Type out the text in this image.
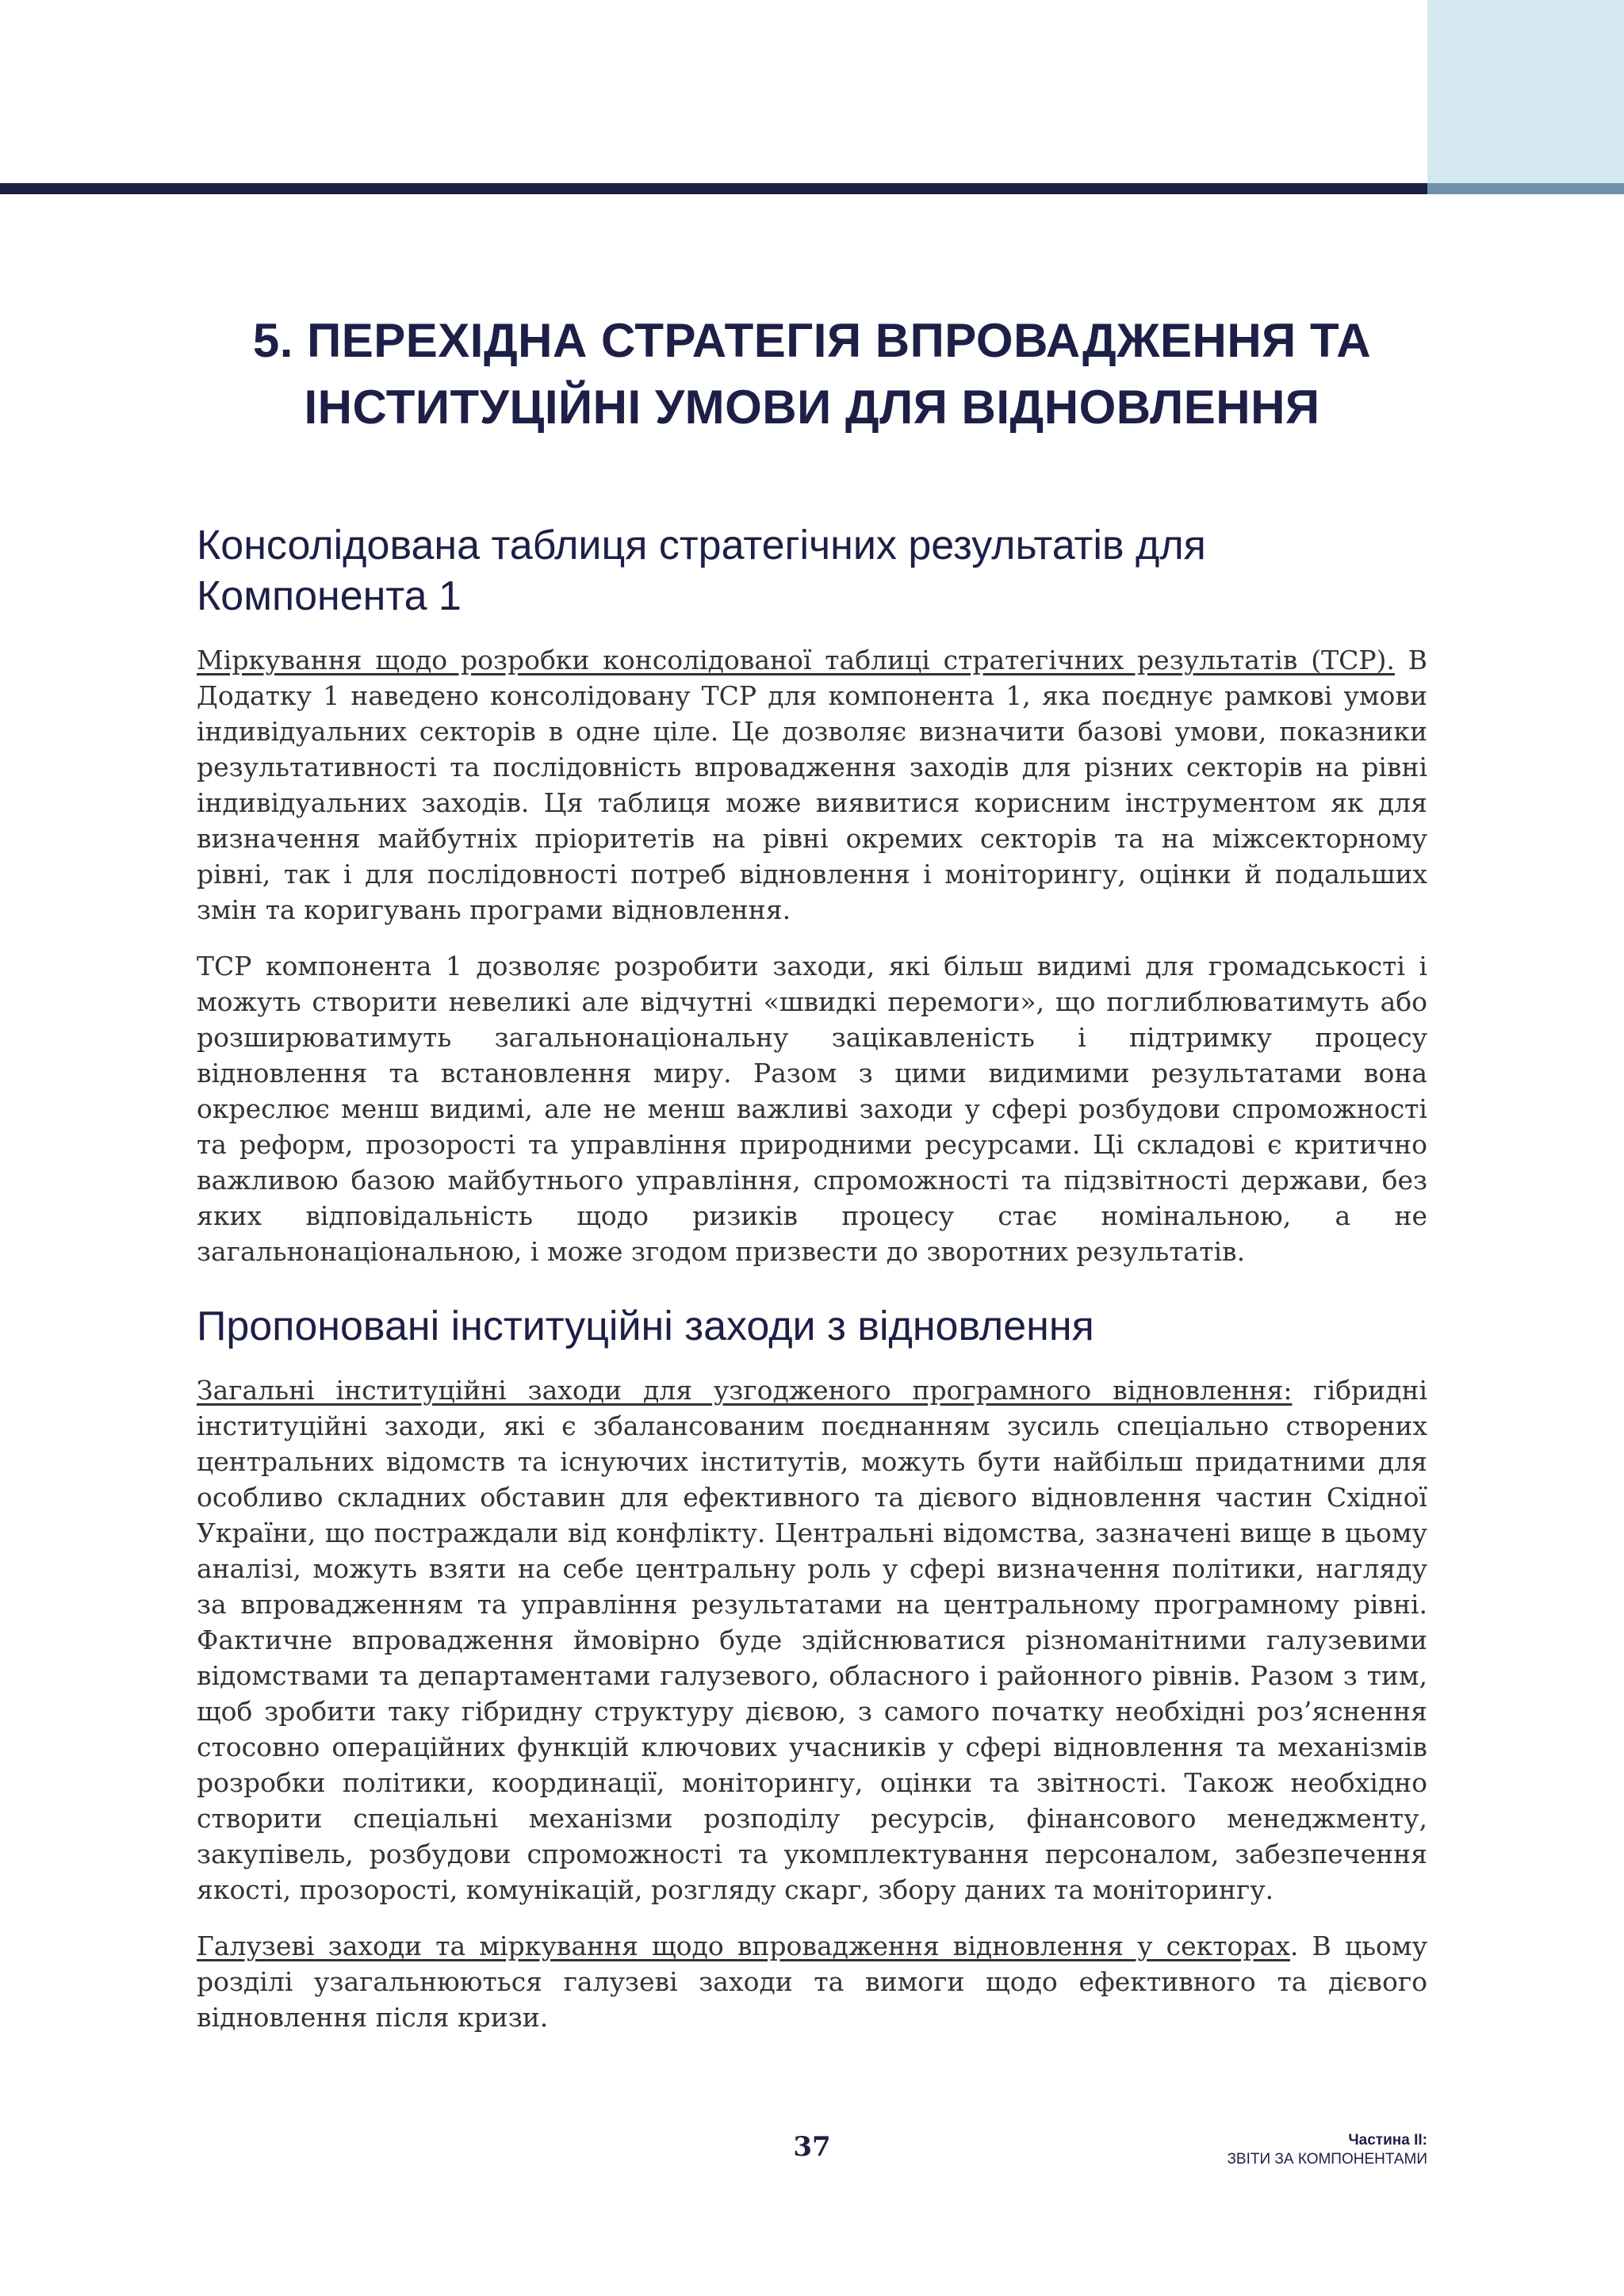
5. ПЕРЕХІДНА СТРАТЕГІЯ ВПРОВАДЖЕННЯ ТА ІНСТИТУЦІЙНІ УМОВИ ДЛЯ ВІДНОВЛЕННЯ
Консолідована таблиця стратегічних результатів для Компонента 1

Міркування щодо розробки консолідованої таблиці стратегічних результатів (ТСР). В Додатку 1 наведено консолідовану ТСР для компонента 1, яка поєднує рамкові умови індивідуальних секторів в одне ціле. Це дозволяє визначити базові умови, показники результативності та послідовність впровадження заходів для різних секторів на рівні індивідуальних заходів. Ця таблиця може виявитися корисним інструментом як для визначення майбутніх пріоритетів на рівні окремих секторів та на міжсекторному рівні, так і для послідовності потреб відновлення і моніторингу, оцінки й подальших змін та коригувань програми відновлення.

ТСР компонента 1 дозволяє розробити заходи, які більш видимі для громадськості і можуть створити невеликі але відчутні «швидкі перемоги», що поглиблюватимуть або розширюватимуть загальнонаціональну зацікавленість і підтримку процесу відновлення та встановлення миру. Разом з цими видимими результатами вона окреслює менш видимі, але не менш важливі заходи у сфері розбудови спроможності та реформ, прозорості та управління природними ресурсами. Ці складові є критично важливою базою майбутнього управління, спроможності та підзвітності держави, без яких відповідальність щодо ризиків процесу стає номінальною, а не загальнонаціональною, і може згодом призвести до зворотних результатів.

Пропоновані інституційні заходи з відновлення

Загальні інституційні заходи для узгодженого програмного відновлення: гібридні інституційні заходи, які є збалансованим поєднанням зусиль спеціально створених центральних відомств та існуючих інститутів, можуть бути найбільш придатними для особливо складних обставин для ефективного та дієвого відновлення частин Східної України, що постраждали від конфлікту. Центральні відомства, зазначені вище в цьому аналізі, можуть взяти на себе центральну роль у сфері визначення політики, нагляду за впровадженням та управління результатами на центральному програмному рівні. Фактичне впровадження ймовірно буде здійснюватися різноманітними галузевими відомствами та департаментами галузевого, обласного і районного рівнів. Разом з тим, щоб зробити таку гібридну структуру дієвою, з самого початку необхідні роз’яснення стосовно операційних функцій ключових учасників у сфері відновлення та механізмів розробки політики, координації, моніторингу, оцінки та звітності. Також необхідно створити спеціальні механізми розподілу ресурсів, фінансового менеджменту, закупівель, розбудови спроможності та укомплектування персоналом, забезпечення якості, прозорості, комунікацій, розгляду скарг, збору даних та моніторингу.

Галузеві заходи та міркування щодо впровадження відновлення у секторах. В цьому розділі узагальнюються галузеві заходи та вимоги щодо ефективного та дієвого відновлення після кризи.

37	Частина ІІ:
ЗВІТИ ЗА КОМПОНЕНТАМИ
